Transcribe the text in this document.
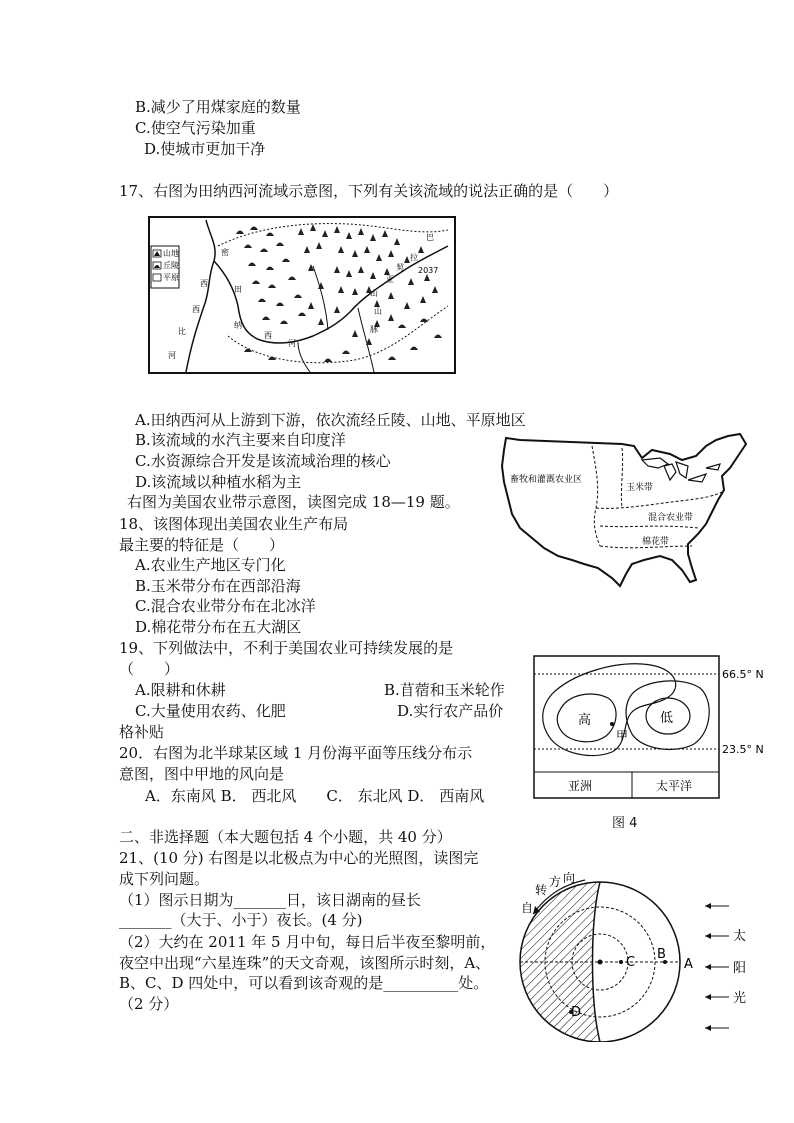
B.减少了用煤家庭的数量
C.使空气污染加重
D.使城市更加干净
17、右图为田纳西河流域示意图，下列有关该流域的说法正确的是（　　）
山地
丘陵
平原
密
西
西
比
河
田
纳
西
河
巴
拉
契
亚
山
山
脉
2037
A.田纳西河从上游到下游，依次流经丘陵、山地、平原地区
B.该流域的水汽主要来自印度洋
C.水资源综合开发是该流域治理的核心
D.该流域以种植水稻为主
右图为美国农业带示意图，读图完成 18—19 题。
畜牧和灌溉农业区
玉米带
混合农业带
棉花带
18、该图体现出美国农业生产布局
最主要的特征是（　　）
A.农业生产地区专门化
B.玉米带分布在西部沿海
C.混合农业带分布在北冰洋
D.棉花带分布在五大湖区
19、下列做法中，不利于美国农业可持续发展的是
（　　）
A.限耕和休耕	B.苜蓿和玉米轮作
C.大量使用农药、化肥	D.实行农产品价
格补贴
高	低
甲
66.5° N
23.5° N
亚洲	太平洋
图 4
20．右图为北半球某区域 1 月份海平面等压线分布示
意图，图中甲地的风向是
A．东南风 B． 西北风　　C． 东北风 D． 西南风
二、非选择题（本大题包括 4 个小题，共 40 分）
21、(10 分) 右图是以北极点为中心的光照图，读图完
成下列问题。
（1）图示日期为_______日，该日湖南的昼长
_______（大于、小于）夜长。(4 分)
（2）大约在 2011 年 5 月中旬，每日后半夜至黎明前，
夜空中出现“六星连珠”的天文奇观，该图所示时刻，A、
B、C、D 四处中，可以看到该奇观的是__________处。
（2 分）
自
转
方 向
A
B
C
D
太
阳
光
